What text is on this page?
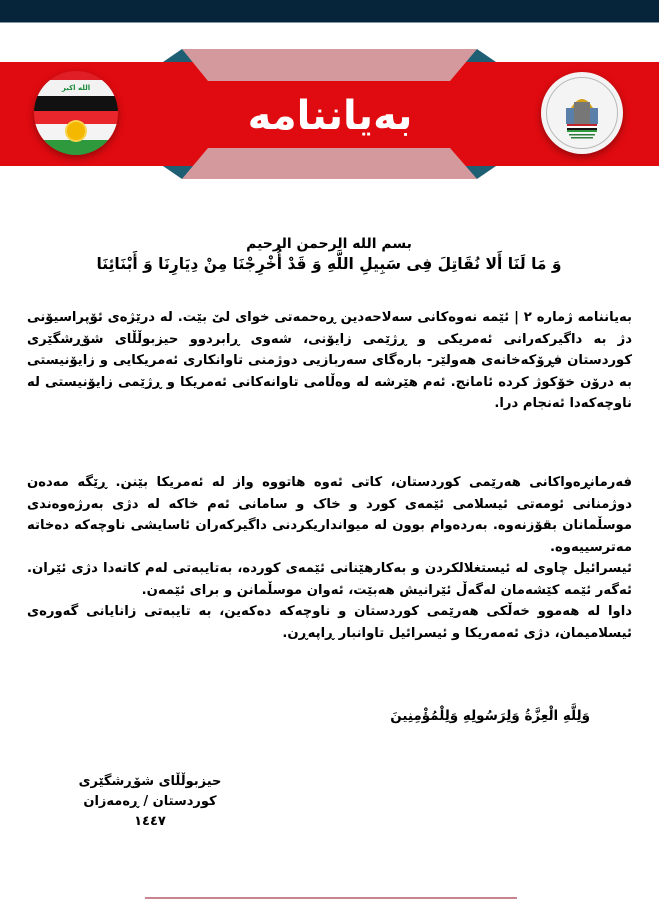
الله اكبر
بەیاننامە
بسم الله الرحمن الرحيم
وَ مَا لَنَا أَلا نُقَاتِلَ فِى سَبِيلِ اللَّهِ وَ قَدْ أُخْرِجْنَا مِنْ دِيَارِنَا وَ أَبْنَائِنَا
بەیاننامە ژمارە ٢ | ئێمە نەوەکانی سەلاحەدین ڕەحمەتی خوای لێ بێت. لە درێژەی ئۆپراسیۆنی دژ بە داگیرکەرانی ئەمریکی و ڕژێمی زایۆنی، شەوی ڕابردوو حیزبوڵڵای شۆڕشگێری کوردستان فڕۆکەخانەی هەولێر- بارەگای سەربازیی دوژمنی تاوانکاری ئەمریکایی و زایۆنیستی بە درۆن خۆکوژ کردە ئامانج. ئەم هێرشە لە وەڵامی تاوانەکانی ئەمریکا و ڕژێمی زایۆنیستی لە ناوچەکەدا ئەنجام درا.
فەرمانڕەواکانی هەرێمی کوردستان، کاتی ئەوە هاتووە واز لە ئەمریکا بێنن. ڕێگە مەدەن دوژمنانی ئومەتی ئیسلامی ئێمەی کورد و خاک و سامانی ئەم خاکە لە دژی بەرژەوەندی موسڵمانان بقۆزنەوە. بەردەوام بوون لە میوانداریکردنی داگیرکەران ئاسایشی ناوچەکە دەخاتە مەترسییەوە.
ئیسرائیل چاوی لە ئیستغلالکردن و بەکارهێنانی ئێمەی کوردە، بەتایبەتی لەم کاتەدا دژی ئێران. ئەگەر ئێمە کێشەمان لەگەڵ ئێرانیش هەبێت، ئەوان موسڵمانن و برای ئێمەن.
داوا لە هەموو خەڵکی هەرێمی کوردستان و ناوچەکە دەکەین، بە تایبەتی زانایانی گەورەی ئیسلامیمان، دژی ئەمەریکا و ئیسرائیل تاوانبار ڕاپەڕن.
وَلِلَّهِ الْعِزَّةُ وَلِرَسُولِهِ وَلِلْمُؤْمِنِينَ
حیزبوڵڵای شۆڕشگێری
کوردستان / ڕەمەزان
١٤٤٧
